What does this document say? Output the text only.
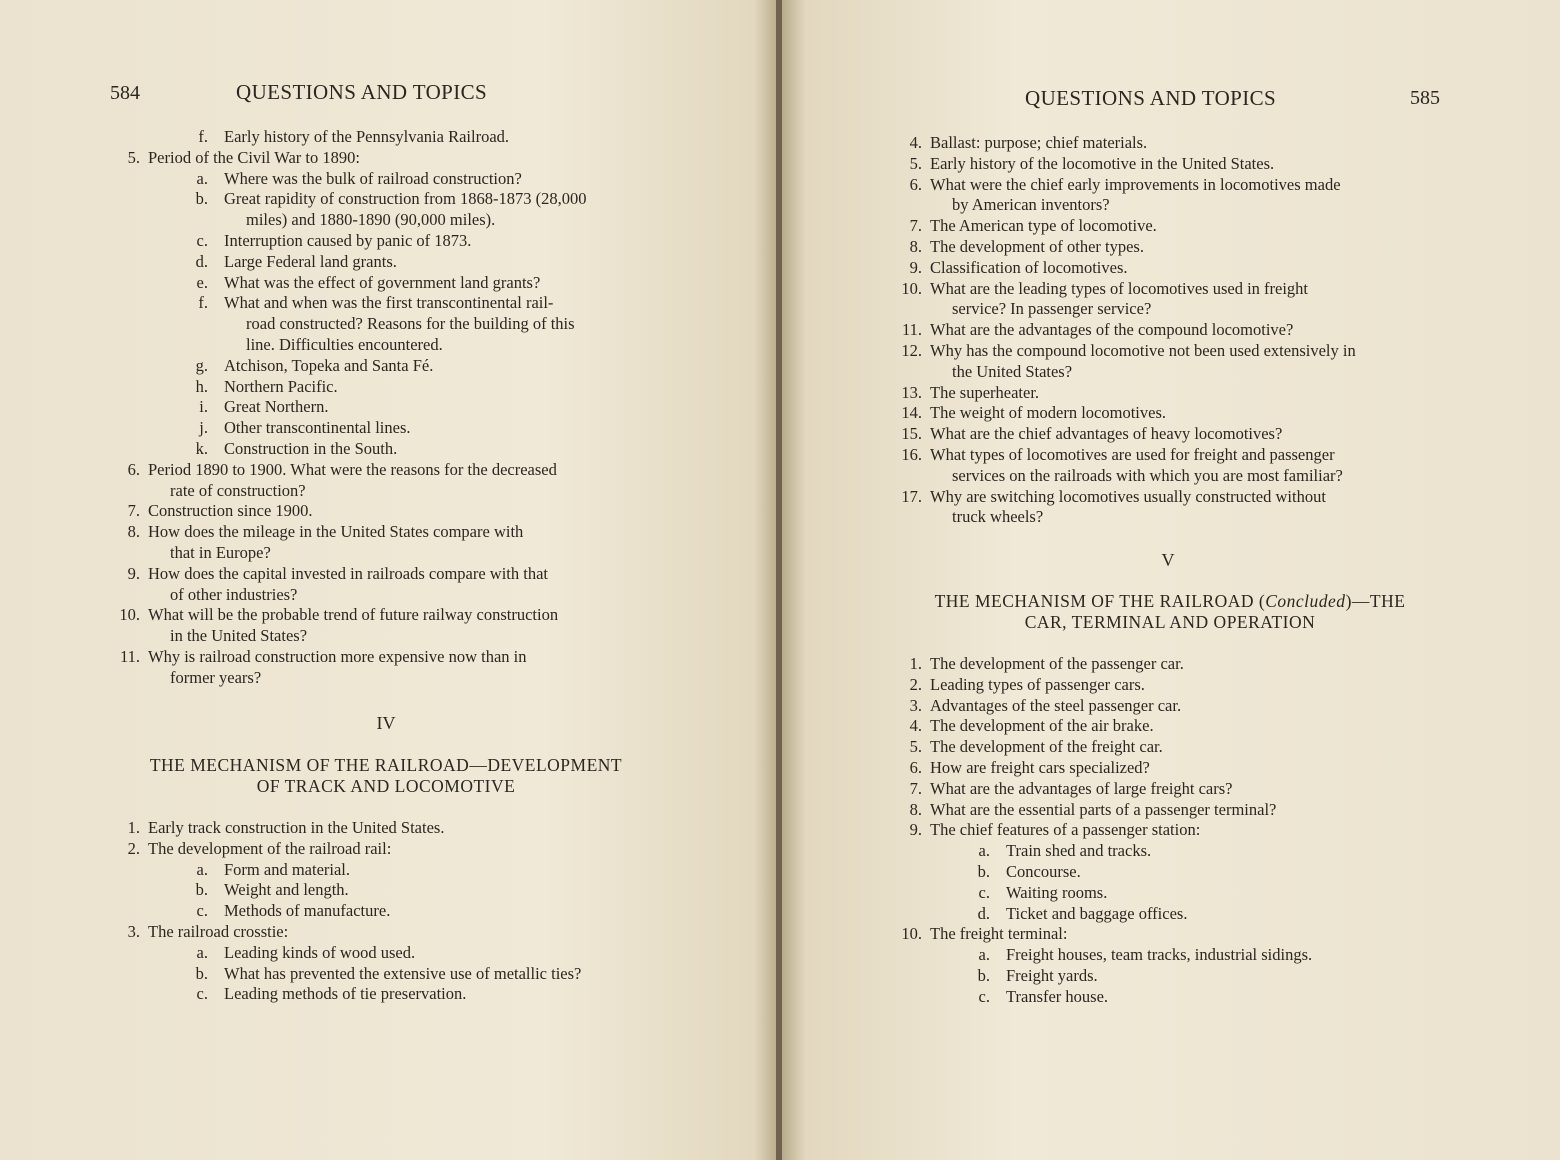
584	QUESTIONS AND TOPICS
f. Early history of the Pennsylvania Railroad.
5. Period of the Civil War to 1890:
a. Where was the bulk of railroad construction?
b. Great rapidity of construction from 1868-1873 (28,000
miles) and 1880-1890 (90,000 miles).
c. Interruption caused by panic of 1873.
d. Large Federal land grants.
e. What was the effect of government land grants?
f. What and when was the first transcontinental rail-
road constructed? Reasons for the building of this
line. Difficulties encountered.
g. Atchison, Topeka and Santa Fé.
h. Northern Pacific.
i. Great Northern.
j. Other transcontinental lines.
k. Construction in the South.
6. Period 1890 to 1900. What were the reasons for the decreased
rate of construction?
7. Construction since 1900.
8. How does the mileage in the United States compare with
that in Europe?
9. How does the capital invested in railroads compare with that
of other industries?
10. What will be the probable trend of future railway construction
in the United States?
11. Why is railroad construction more expensive now than in
former years?
IV
THE MECHANISM OF THE RAILROAD—DEVELOPMENT
OF TRACK AND LOCOMOTIVE
1. Early track construction in the United States.
2. The development of the railroad rail:
a. Form and material.
b. Weight and length.
c. Methods of manufacture.
3. The railroad crosstie:
a. Leading kinds of wood used.
b. What has prevented the extensive use of metallic ties?
c. Leading methods of tie preservation.
QUESTIONS AND TOPICS	585
4. Ballast: purpose; chief materials.
5. Early history of the locomotive in the United States.
6. What were the chief early improvements in locomotives made
by American inventors?
7. The American type of locomotive.
8. The development of other types.
9. Classification of locomotives.
10. What are the leading types of locomotives used in freight
service? In passenger service?
11. What are the advantages of the compound locomotive?
12. Why has the compound locomotive not been used extensively in
the United States?
13. The superheater.
14. The weight of modern locomotives.
15. What are the chief advantages of heavy locomotives?
16. What types of locomotives are used for freight and passenger
services on the railroads with which you are most familiar?
17. Why are switching locomotives usually constructed without
truck wheels?
V
THE MECHANISM OF THE RAILROAD (Concluded)—THE
CAR, TERMINAL AND OPERATION
1. The development of the passenger car.
2. Leading types of passenger cars.
3. Advantages of the steel passenger car.
4. The development of the air brake.
5. The development of the freight car.
6. How are freight cars specialized?
7. What are the advantages of large freight cars?
8. What are the essential parts of a passenger terminal?
9. The chief features of a passenger station:
a. Train shed and tracks.
b. Concourse.
c. Waiting rooms.
d. Ticket and baggage offices.
10. The freight terminal:
a. Freight houses, team tracks, industrial sidings.
b. Freight yards.
c. Transfer house.
